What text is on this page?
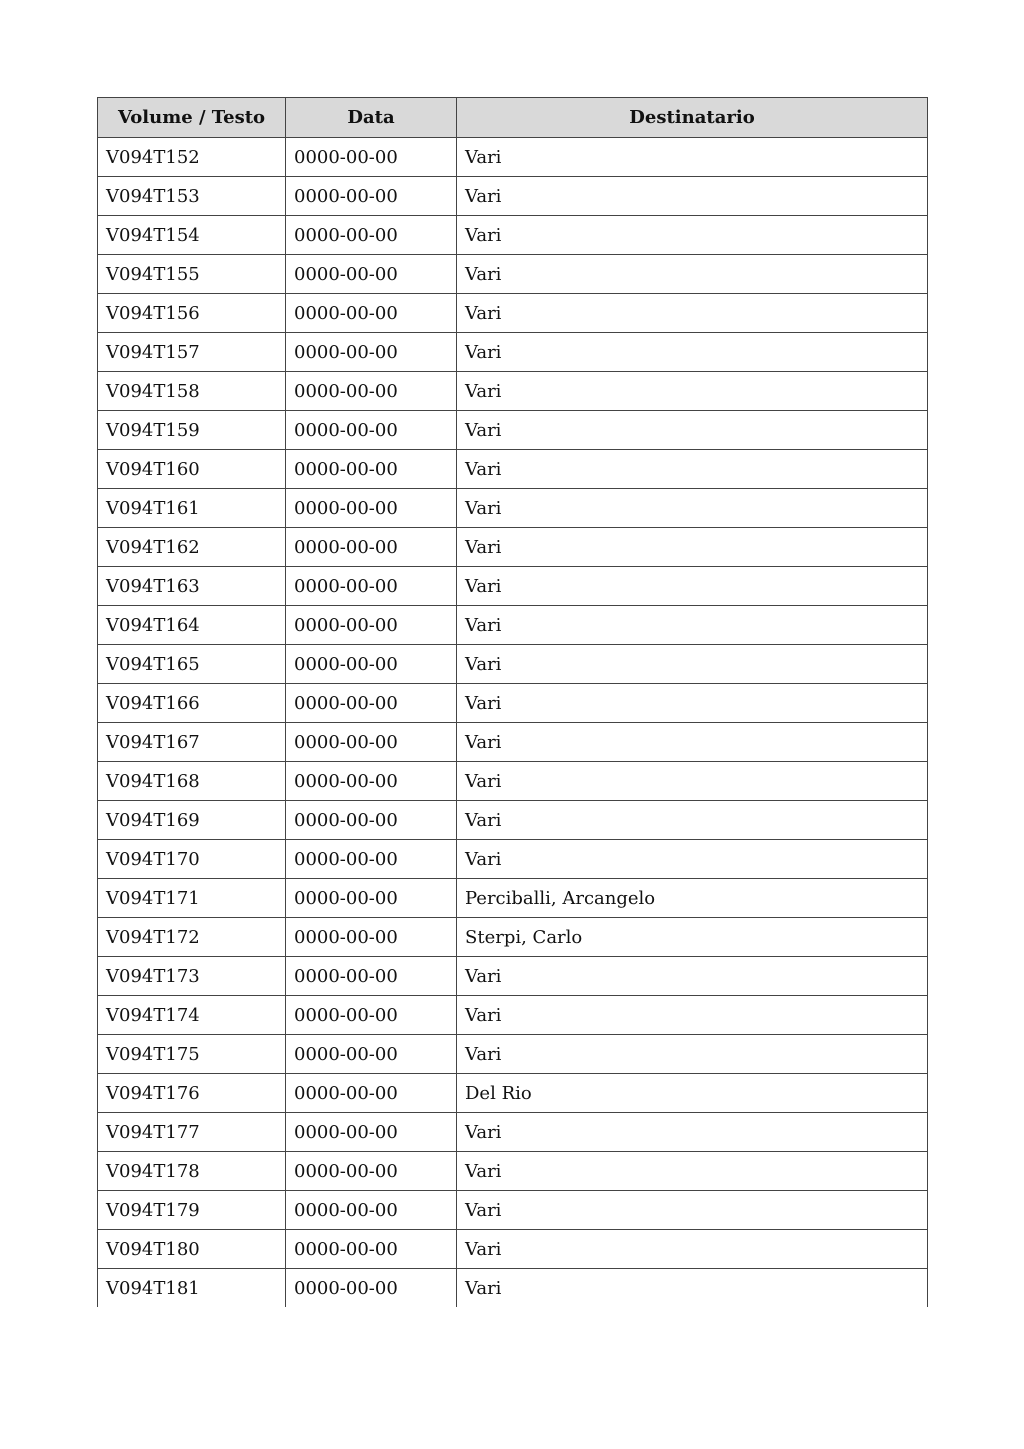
Volume / Testo	Data	Destinatario
V094T152	0000-00-00	Vari
V094T153	0000-00-00	Vari
V094T154	0000-00-00	Vari
V094T155	0000-00-00	Vari
V094T156	0000-00-00	Vari
V094T157	0000-00-00	Vari
V094T158	0000-00-00	Vari
V094T159	0000-00-00	Vari
V094T160	0000-00-00	Vari
V094T161	0000-00-00	Vari
V094T162	0000-00-00	Vari
V094T163	0000-00-00	Vari
V094T164	0000-00-00	Vari
V094T165	0000-00-00	Vari
V094T166	0000-00-00	Vari
V094T167	0000-00-00	Vari
V094T168	0000-00-00	Vari
V094T169	0000-00-00	Vari
V094T170	0000-00-00	Vari
V094T171	0000-00-00	Perciballi, Arcangelo
V094T172	0000-00-00	Sterpi, Carlo
V094T173	0000-00-00	Vari
V094T174	0000-00-00	Vari
V094T175	0000-00-00	Vari
V094T176	0000-00-00	Del Rio
V094T177	0000-00-00	Vari
V094T178	0000-00-00	Vari
V094T179	0000-00-00	Vari
V094T180	0000-00-00	Vari
V094T181	0000-00-00	Vari
